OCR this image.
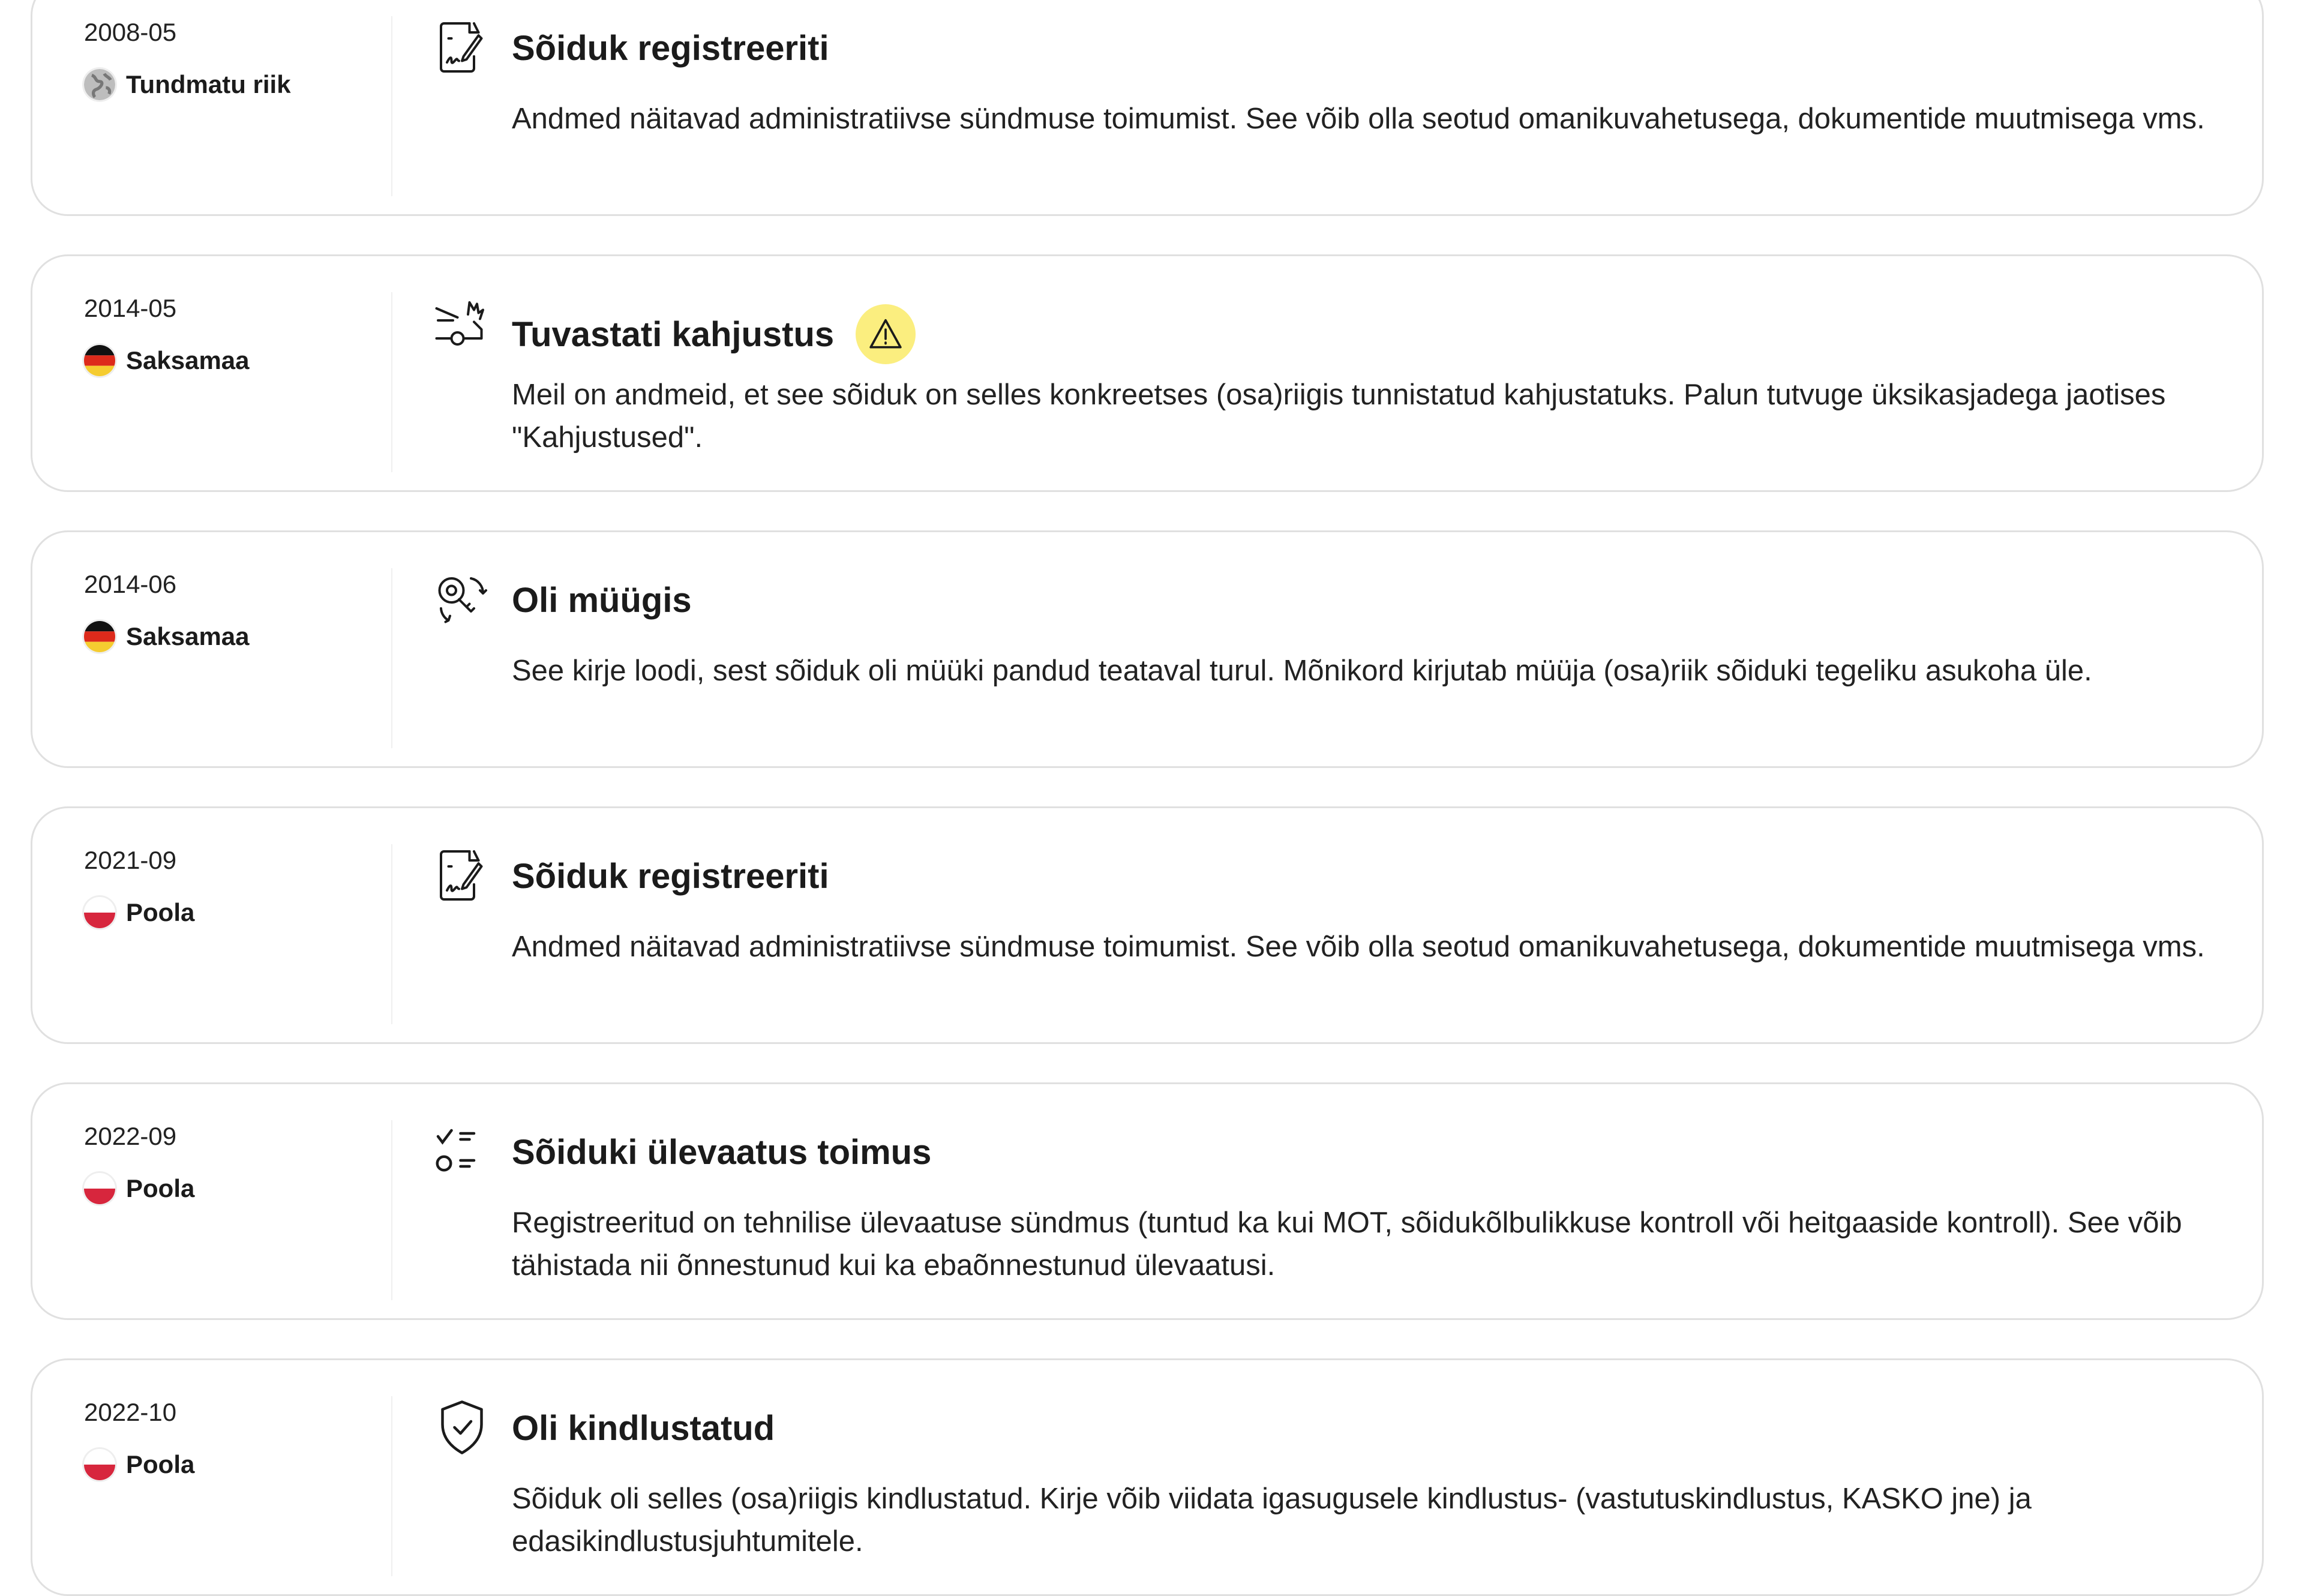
2008-05
Tundmatu riik
Sõiduk registreeriti
Andmed näitavad administratiivse sündmuse toimumist. See võib olla seotud omanikuvahetusega, dokumentide muutmisega vms.
2014-05
Saksamaa
Tuvastati kahjustus
Meil on andmeid, et see sõiduk on selles konkreetses (osa)riigis tunnistatud kahjustatuks. Palun tutvuge üksikasjadega jaotises "Kahjustused".
2014-06
Saksamaa
Oli müügis
See kirje loodi, sest sõiduk oli müüki pandud teataval turul. Mõnikord kirjutab müüja (osa)riik sõiduki tegeliku asukoha üle.
2021-09
Poola
Sõiduk registreeriti
Andmed näitavad administratiivse sündmuse toimumist. See võib olla seotud omanikuvahetusega, dokumentide muutmisega vms.
2022-09
Poola
Sõiduki ülevaatus toimus
Registreeritud on tehnilise ülevaatuse sündmus (tuntud ka kui MOT, sõidukõlbulikkuse kontroll või heitgaaside kontroll). See võib tähistada nii õnnestunud kui ka ebaõnnestunud ülevaatusi.
2022-10
Poola
Oli kindlustatud
Sõiduk oli selles (osa)riigis kindlustatud. Kirje võib viidata igasugusele kindlustus- (vastutuskindlustus, KASKO jne) ja edasikindlustusjuhtumitele.
